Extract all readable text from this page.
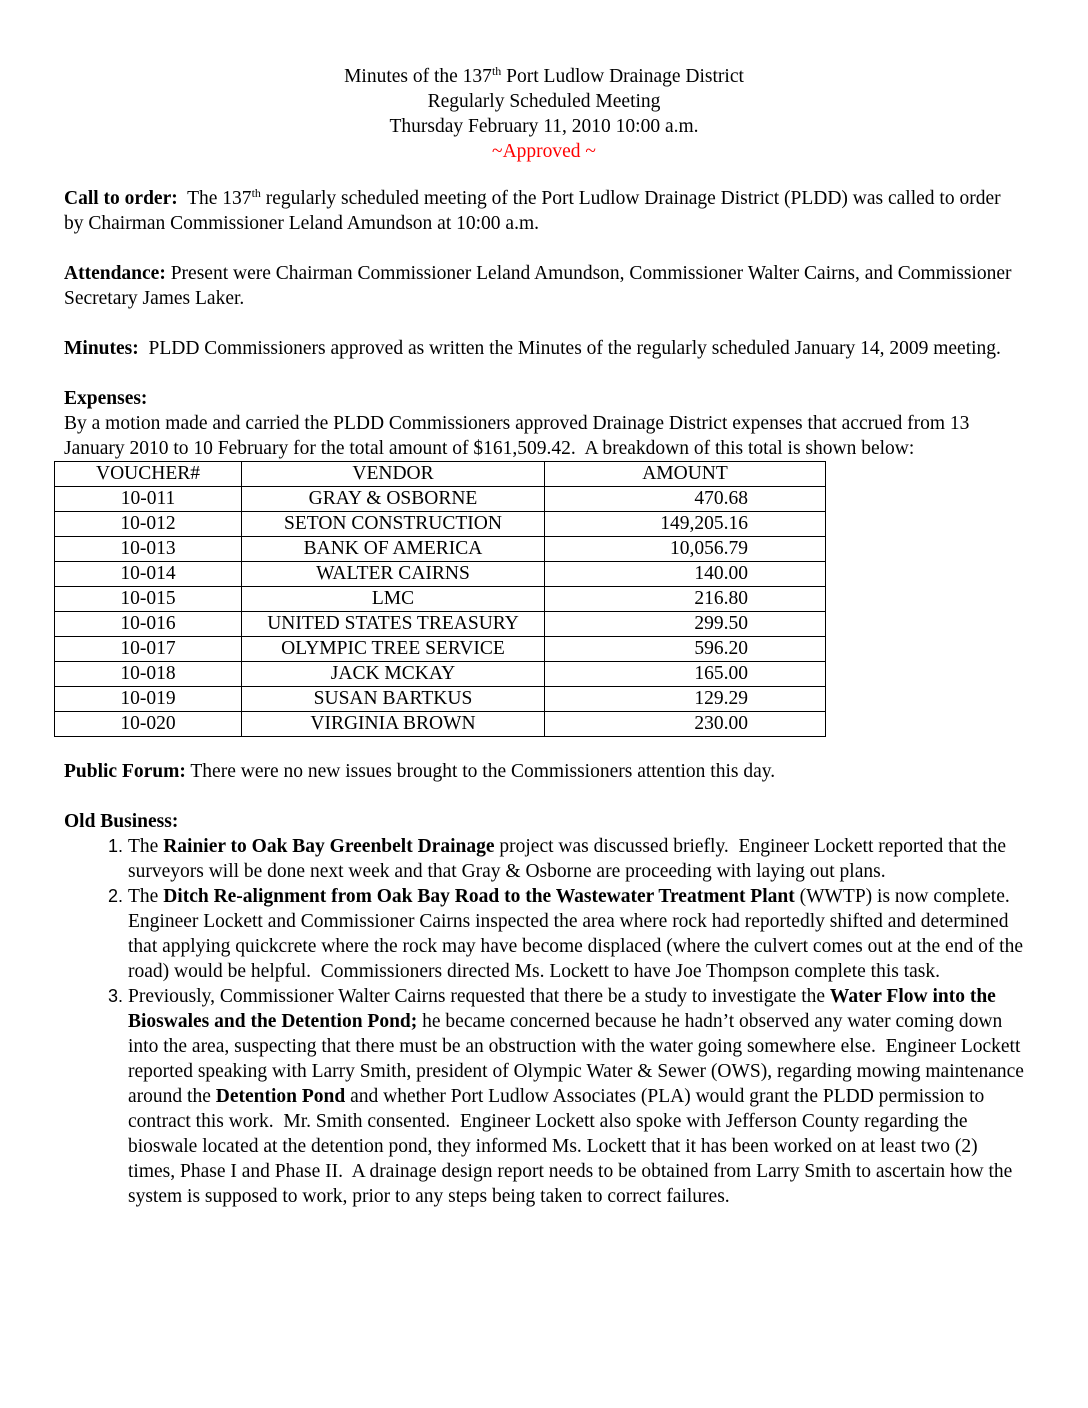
Minutes of the 137th Port Ludlow Drainage District
Regularly Scheduled Meeting
Thursday February 11, 2010 10:00 a.m.
~Approved ~

Call to order:  The 137th regularly scheduled meeting of the Port Ludlow Drainage District (PLDD) was called to order by Chairman Commissioner Leland Amundson at 10:00 a.m.

Attendance: Present were Chairman Commissioner Leland Amundson, Commissioner Walter Cairns, and Commissioner Secretary James Laker.

Minutes:  PLDD Commissioners approved as written the Minutes of the regularly scheduled January 14, 2009 meeting.

Expenses:

By a motion made and carried the PLDD Commissioners approved Drainage District expenses that accrued from 13 January 2010 to 10 February for the total amount of $161,509.42.  A breakdown of this total is shown below:

VOUCHER#	VENDOR	AMOUNT
10-011	GRAY & OSBORNE	470.68
10-012	SETON CONSTRUCTION	149,205.16
10-013	BANK OF AMERICA	10,056.79
10-014	WALTER CAIRNS	140.00
10-015	LMC	216.80
10-016	UNITED STATES TREASURY	299.50
10-017	OLYMPIC TREE SERVICE	596.20
10-018	JACK MCKAY	165.00
10-019	SUSAN BARTKUS	129.29
10-020	VIRGINIA BROWN	230.00

Public Forum: There were no new issues brought to the Commissioners attention this day.

Old Business:

1. The Rainier to Oak Bay Greenbelt Drainage project was discussed briefly.  Engineer Lockett reported that the surveyors will be done next week and that Gray & Osborne are proceeding with laying out plans.
2. The Ditch Re-alignment from Oak Bay Road to the Wastewater Treatment Plant (WWTP) is now complete.  Engineer Lockett and Commissioner Cairns inspected the area where rock had reportedly shifted and determined that applying quickcrete where the rock may have become displaced (where the culvert comes out at the end of the road) would be helpful.  Commissioners directed Ms. Lockett to have Joe Thompson complete this task.
3. Previously, Commissioner Walter Cairns requested that there be a study to investigate the Water Flow into the Bioswales and the Detention Pond; he became concerned because he hadn’t observed any water coming down into the area, suspecting that there must be an obstruction with the water going somewhere else.  Engineer Lockett reported speaking with Larry Smith, president of Olympic Water & Sewer (OWS), regarding mowing maintenance around the Detention Pond and whether Port Ludlow Associates (PLA) would grant the PLDD permission to contract this work.  Mr. Smith consented.  Engineer Lockett also spoke with Jefferson County regarding the bioswale located at the detention pond, they informed Ms. Lockett that it has been worked on at least two (2) times, Phase I and Phase II.  A drainage design report needs to be obtained from Larry Smith to ascertain how the system is supposed to work, prior to any steps being taken to correct failures.
